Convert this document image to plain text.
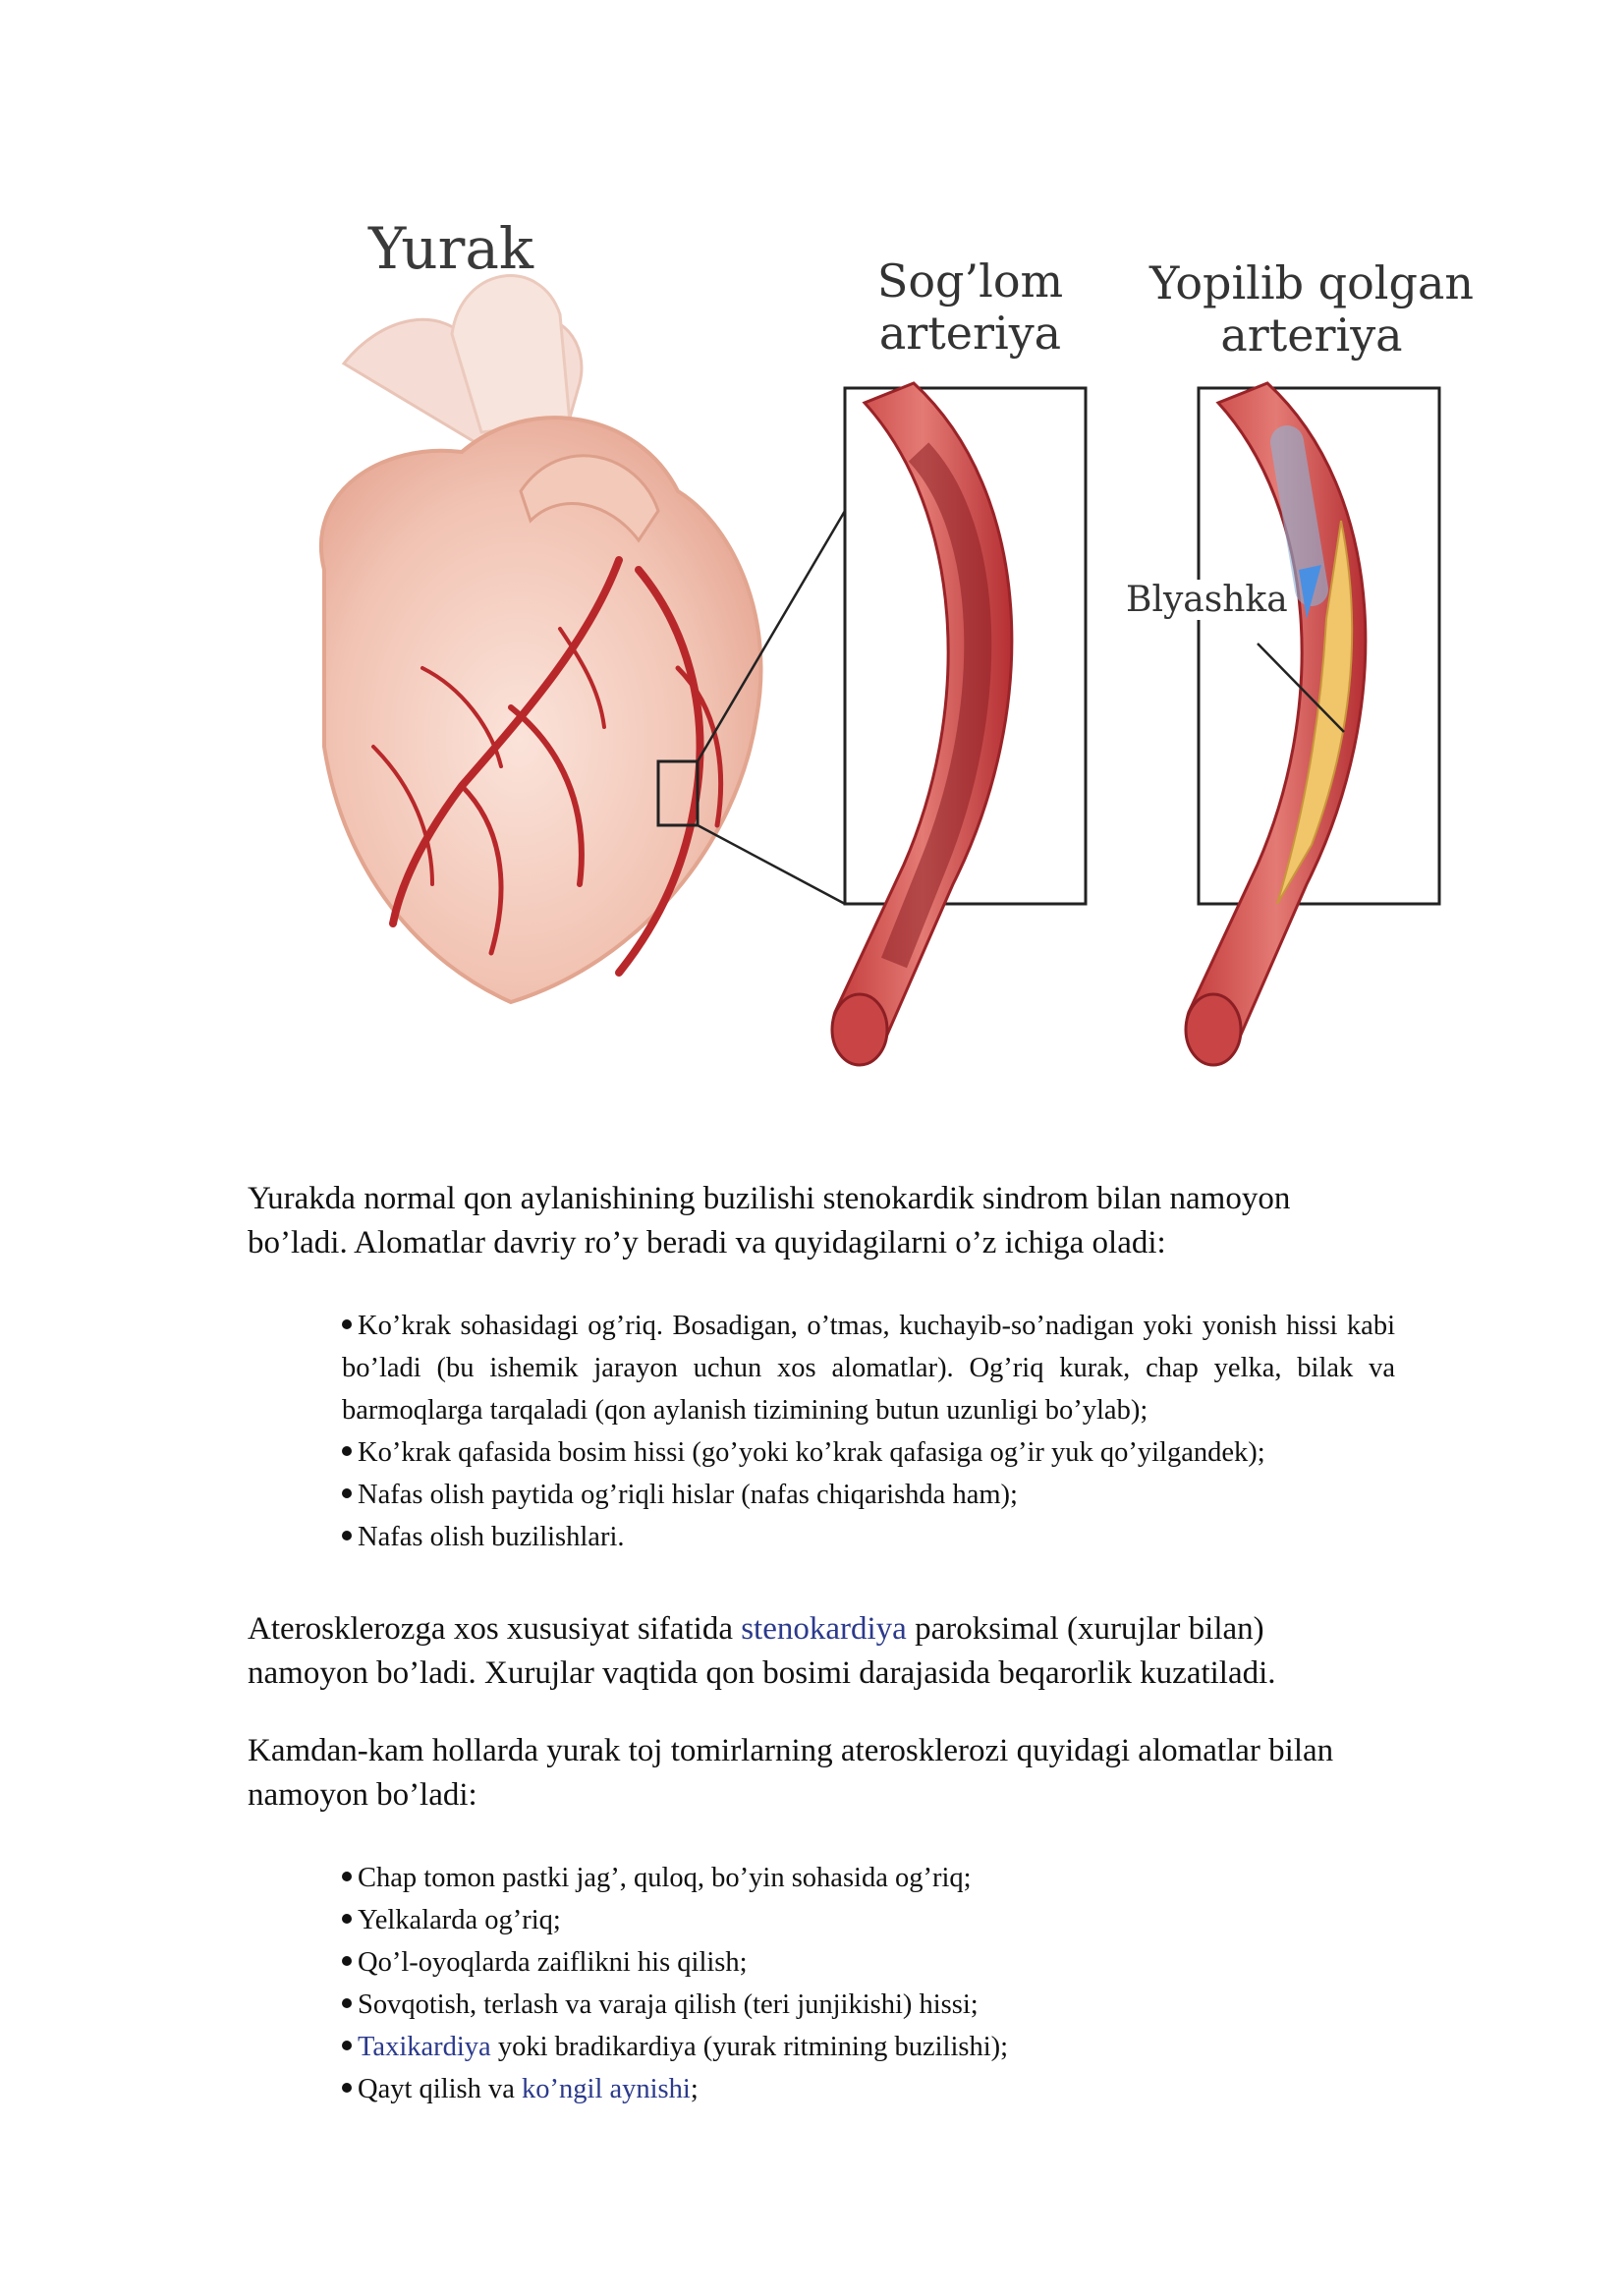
Yurak	Sog’lom
arteriya
Yopilib qolgan
arteriya
Blyashka

Yurakda normal qon aylanishining buzilishi stenokardik sindrom bilan namoyon bo’ladi. Alomatlar davriy ro’y beradi va quyidagilarni o’z ichiga oladi:

Ko’krak sohasidagi og’riq. Bosadigan, o’tmas, kuchayib-so’nadigan yoki yonish hissi kabi bo’ladi (bu ishemik jarayon uchun xos alomatlar). Og’riq kurak, chap yelka, bilak va barmoqlarga tarqaladi (qon aylanish tizimining butun uzunligi bo’ylab);
Ko’krak qafasida bosim hissi (go’yoki ko’krak qafasiga og’ir yuk qo’yilgandek);
Nafas olish paytida og’riqli hislar (nafas chiqarishda ham);
Nafas olish buzilishlari.

Aterosklerozga xos xususiyat sifatida stenokardiya paroksimal (xurujlar bilan) namoyon bo’ladi. Xurujlar vaqtida qon bosimi darajasida beqarorlik kuzatiladi.

Kamdan-kam hollarda yurak toj tomirlarning aterosklerozi quyidagi alomatlar bilan namoyon bo’ladi:

Chap tomon pastki jag’, quloq, bo’yin sohasida og’riq;
Yelkalarda og’riq;
Qo’l-oyoqlarda zaiflikni his qilish;
Sovqotish, terlash va varaja qilish (teri junjikishi) hissi;
Taxikardiya yoki bradikardiya (yurak ritmining buzilishi);
Qayt qilish va ko’ngil aynishi;
